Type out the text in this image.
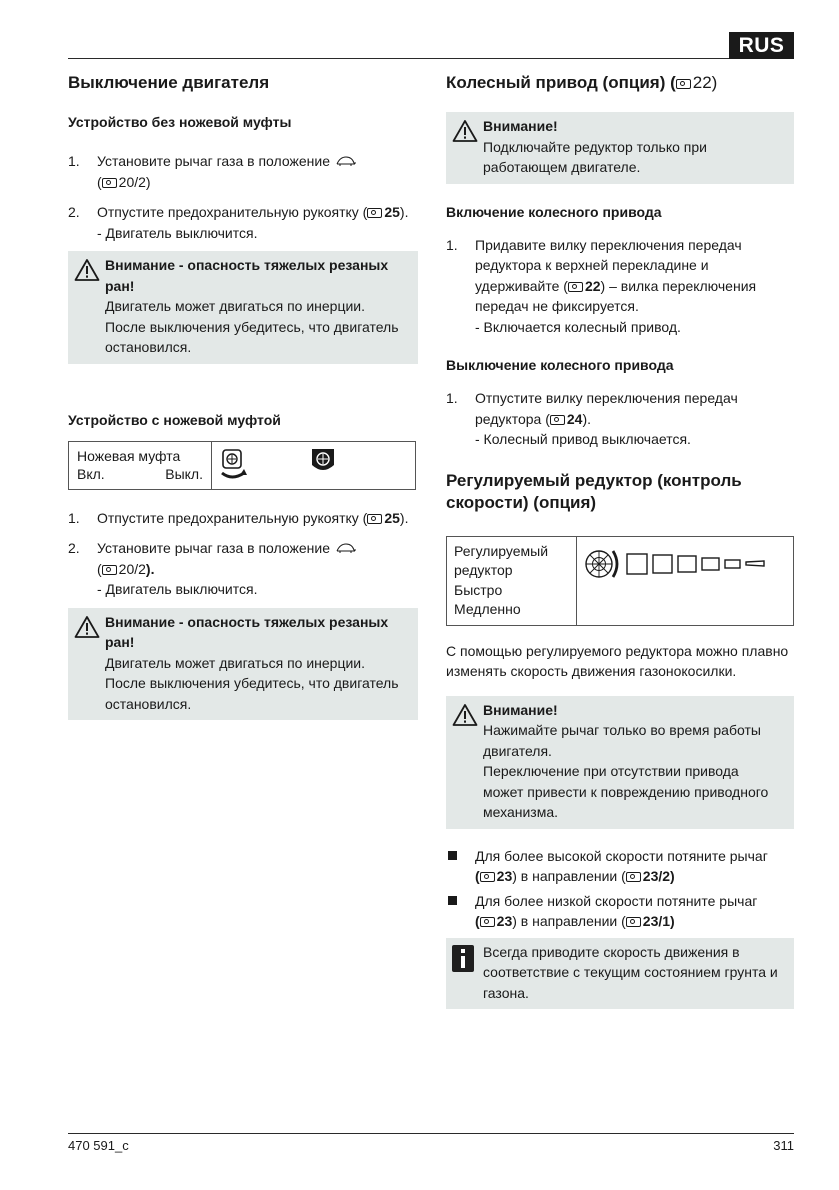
RUS
Выключение двигателя
Устройство без ножевой муфты
1. Установите рычаг газа в положение
( 20/2)
2. Отпустите предохранительную рукоятку ( 25).
- Двигатель выключится.
Внимание - опасность тяжелых резаных ран!
Двигатель может двигаться по инерции.
После выключения убедитесь, что двигатель
остановился.
Устройство с ножевой муфтой
Ножевая муфта
Вкл.	Выкл.

1. Отпустите предохранительную рукоятку ( 25).
2. Установите рычаг газа в положение
( 20/2).
- Двигатель выключится.
Внимание - опасность тяжелых резаных ран!
Двигатель может двигаться по инерции.
После выключения убедитесь, что двигатель
остановился.
Колесный привод (опция) ( 22)
Внимание!
Подключайте редуктор только при
работающем двигателе.
Включение колесного привода
1. Придавите вилку переключения передач
редуктора к верхней перекладине и
удерживайте ( 22) – вилка переключения
передач не фиксируется.
- Включается колесный привод.
Выключение колесного привода
1. Отпустите вилку переключения передач
редуктора ( 24).
- Колесный привод выключается.
Регулируемый редуктор (контроль
скорости) (опция)
Регулируемый
редуктор
Быстро Медленно

С помощью регулируемого редуктора можно плавно
изменять скорость движения газонокосилки.
Внимание!
Нажимайте рычаг только во время работы
двигателя.
Переключение при отсутствии привода
может привести к повреждению приводного
механизма.
Для более высокой скорости потяните рычаг
( 23) в направлении ( 23/2)
Для более низкой скорости потяните рычаг
( 23) в направлении ( 23/1)
Всегда приводите скорость движения в
соответствие с текущим состоянием грунта и
газона.
470 591_c	311
